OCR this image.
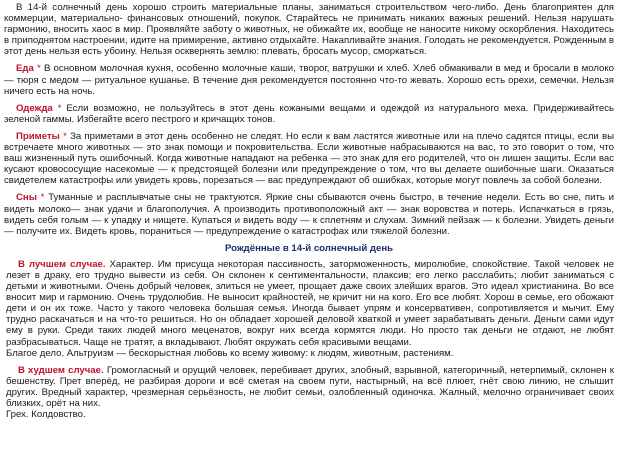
В 14-й солнечный день хорошо строить материальные планы, заниматься строительством чего-либо. День благоприятен для коммерции, материально- финансовых отношений, покупок. Старайтесь не принимать никаких важных решений. Нельзя нарушать гармонию, вносить хаос в мир. Проявляйте заботу о животных, не обижайте их, вообще не наносите никому оскорбления. Находитесь в приподнятом настроении, идите на примирение, активно отдыхайте. Накапливайте знания. Голодать не рекомендуется. Рожденным в этот день нельзя есть убоину. Нельзя осквернять землю: плевать, бросать мусор, сморкаться.

Еда * В основном молочная кухня, особенно молочные каши, творог, ватрушки и хлеб. Хлеб обмакивали в мед и бросали в молоко — тюря с медом — ритуальное кушанье. В течение дня рекомендуется постоянно что-то жевать. Хорошо есть орехи, семечки. Нельзя ничего есть на ночь.

Одежда * Если возможно, не пользуйтесь в этот день кожаными вещами и одеждой из натурального меха. Придерживайтесь зеленой гаммы. Избегайте всего пестрого и кричащих тонов.

Приметы * За приметами в этот день особенно не следят. Но если к вам ластятся животные или на плечо садятся птицы, если вы встречаете много животных — это знак помощи и покровительства. Если животные набрасываются на вас, то это говорит о том, что ваш жизненный путь ошибочный. Когда животные нападают на ребенка — это знак для его родителей, что он лишен защиты. Если вас кусают кровососущие насекомые — к предстоящей болезни или предупреждение о том, что вы делаете ошибочные шаги. Оказаться свидетелем катастрофы или увидеть кровь, порезаться — вас предупреждают об ошибках, которые могут повлечь за собой болезни.

Сны * Туманные и расплывчатые сны не трактуются. Яркие сны сбываются очень быстро, в течение недели. Есть во сне, пить и видеть молоко— знак удачи и благополучия. А производить противоположный акт — знак воровства и потерь. Испачкаться в грязь, видеть себя голым — к упадку и нищете. Купаться и видеть воду — к сплетням и слухам. Зимний пейзаж — к болезни. Увидеть деньги — получите их. Видеть кровь, пораниться — предупреждение о катастрофах или тяжелой болезни.

Рождённые в 14-й солнечный день

В лучшем случае. Характер. Им присуща некоторая пассивность, заторможенность, миролюбие, спокойствие. Такой человек не лезет в драку, его трудно вывести из себя. Он склонен к сентиментальности, плаксив; его легко расслабить; любит заниматься с детьми и животными. Очень добрый человек, злиться не умеет, прощает даже своих злейших врагов. Это идеал христианина. Во все вносит мир и гармонию. Очень трудолюбив. Не выносит крайностей, не кричит ни на кого. Его все любят. Хорош в семье, его обожают дети и он их тоже. Часто у такого человека большая семья. Иногда бывает упрям и консервативен, сопротивляется и мычит. Ему трудно раскачаться и на что-то решиться. Но он обладает хорошей деловой хваткой и умеет зарабатывать деньги. Деньги сами идут ему в руки. Среди таких людей много меценатов, вокруг них всегда кормятся люди. Но просто так деньги не отдают, не любят разбрасываться. Чаще не тратят, а вкладывают. Любят окружать себя красивыми вещами.

Благое дело. Альтруизм — бескорыстная любовь ко всему живому: к людям, животным, растениям.

В худшем случае. Громогласный и орущий человек, перебивает других, злобный, взрывной, категоричный, нетерпимый, склонен к бешенству. Прет вперёд, не разбирая дороги и всё сметая на своем пути, настырный, на всё плюет, гнёт свою линию, не слышит других. Вредный характер, чрезмерная серьёзность, не любит семьи, озлобленный одиночка. Жалный, мелочно ограничивает своих близких, орёт на них.

Грех. Колдовство.
